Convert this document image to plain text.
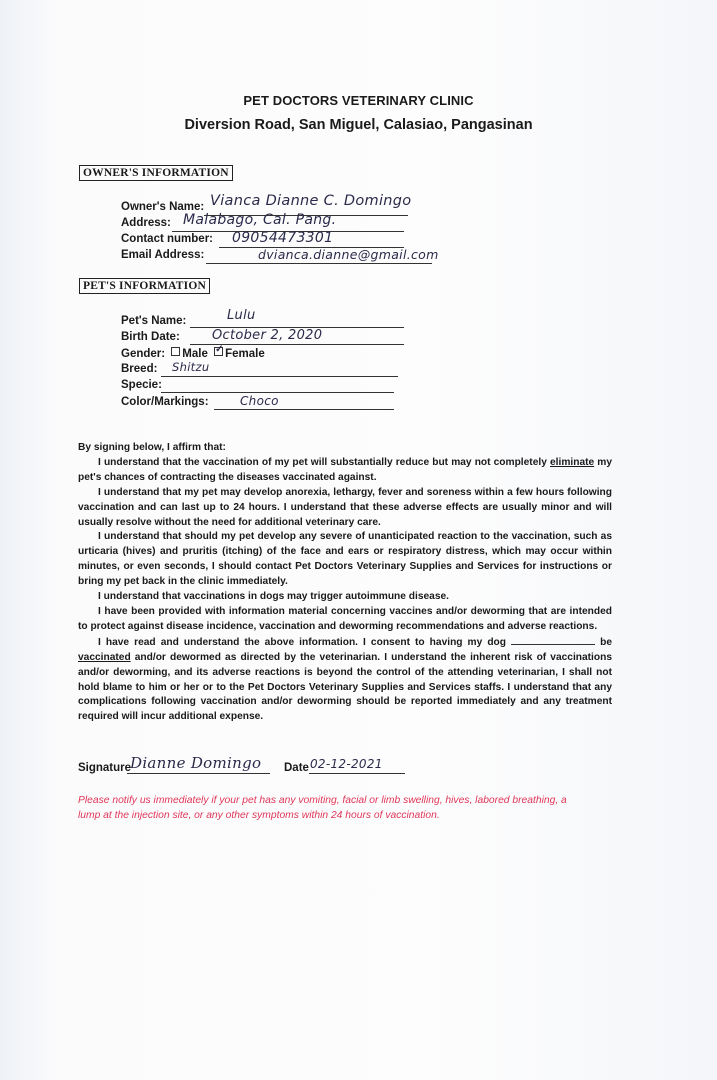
PET DOCTORS VETERINARY CLINIC
Diversion Road, San Miguel, Calasiao, Pangasinan
OWNER'S INFORMATION
Owner's Name: Vianca Dianne C. Domingo
Address: Malabago, Cal. Pang.
Contact number: 09054473301
Email Address:	dvianca.dianne@gmail.com
PET'S INFORMATION
Pet's Name:	Lulu
Birth Date: October 2, 2020
Gender: Male ✓ Female
Breed: Shitzu
Specie:
Color/Markings:	Choco

By signing below, I affirm that:

I understand that the vaccination of my pet will substantially reduce but may not completely eliminate my pet's chances of contracting the diseases vaccinated against.

I understand that my pet may develop anorexia, lethargy, fever and soreness within a few hours following vaccination and can last up to 24 hours. I understand that these adverse effects are usually minor and will usually resolve without the need for additional veterinary care.

I understand that should my pet develop any severe of unanticipated reaction to the vaccination, such as urticaria (hives) and pruritis (itching) of the face and ears or respiratory distress, which may occur within minutes, or even seconds, I should contact Pet Doctors Veterinary Supplies and Services for instructions or bring my pet back in the clinic immediately.

I understand that vaccinations in dogs may trigger autoimmune disease.

I have been provided with information material concerning vaccines and/or deworming that are intended to protect against disease incidence, vaccination and deworming recommendations and adverse reactions.

I have read and understand the above information. I consent to having my dog	be vaccinated and/or dewormed as directed by the veterinarian. I understand the inherent risk of vaccinations and/or deworming, and its adverse reactions is beyond the control of the attending veterinarian, I shall not hold blame to him or her or to the Pet Doctors Veterinary Supplies and Services staffs. I understand that any complications following vaccination and/or deworming should be reported immediately and any treatment required will incur additional expense.

Signature
Dianne Domingo Date 02-12-2021
Please notify us immediately if your pet has any vomiting, facial or limb swelling, hives, labored breathing, a lump at the injection site, or any other symptoms within 24 hours of vaccination.
